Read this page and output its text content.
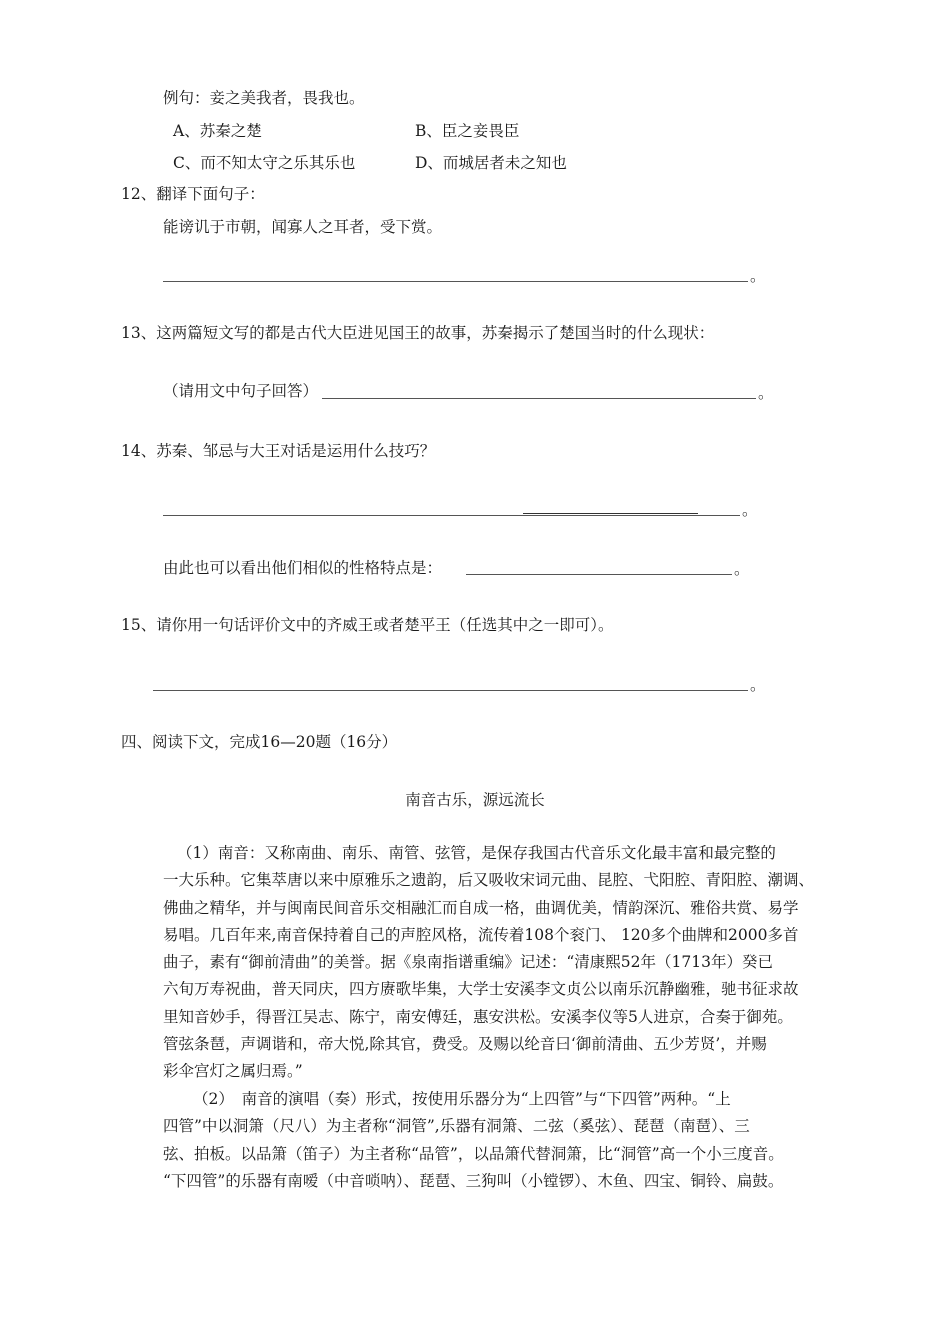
例句：妾之美我者，畏我也。
A、苏秦之楚	B、臣之妾畏臣
C、而不知太守之乐其乐也	D、而城居者未之知也
12、翻译下面句子：
能谤讥于市朝，闻寡人之耳者，受下赏。
。
13、这两篇短文写的都是古代大臣进见国王的故事，苏秦揭示了楚国当时的什么现状：
（请用文中句子回答）	。
14、苏秦、邹忌与大王对话是运用什么技巧？
。
由此也可以看出他们相似的性格特点是：	。
15、请你用一句话评价文中的齐威王或者楚平王（任选其中之一即可）。
。
四、阅读下文，完成16—20题（16分）
南音古乐，源远流长
（1）南音：又称南曲、南乐、南管、弦管，是保存我国古代音乐文化最丰富和最完整的
一大乐种。它集萃唐以来中原雅乐之遗韵，后又吸收宋词元曲、昆腔、弋阳腔、青阳腔、潮调、
佛曲之精华，并与闽南民间音乐交相融汇而自成一格，曲调优美，情韵深沉、雅俗共赏、易学
易唱。几百年来,南音保持着自己的声腔风格，流传着108个衮门、 120多个曲牌和2000多首
曲子，素有“御前清曲”的美誉。据《泉南指谱重编》记述：“清康熙52年（1713年）癸已
六旬万寿祝曲，普天同庆，四方赓歌毕集，大学士安溪李文贞公以南乐沉静幽雅，驰书征求故
里知音妙手，得晋江吴志、陈宁，南安傅廷，惠安洪松。安溪李仪等5人进京，合奏于御苑。
管弦条琶，声调谐和，帝大悦,除其官，费受。及赐以纶音曰‘御前清曲、五少芳贤’，并赐
彩伞宫灯之属归焉。”
（2）　南音的演唱（奏）形式，按使用乐器分为“上四管”与“下四管”两种。“上
四管”中以洞箫（尺八）为主者称“洞管”,乐器有洞箫、二弦（奚弦）、琵琶（南琶）、三
弦、拍板。以品箫（笛子）为主者称“品管”，以品箫代替洞箫，比“洞管”高一个小三度音。
“下四管”的乐器有南嗳（中音唢呐）、琵琶、三狗叫（小镗锣）、木鱼、四宝、铜铃、扁鼓。
